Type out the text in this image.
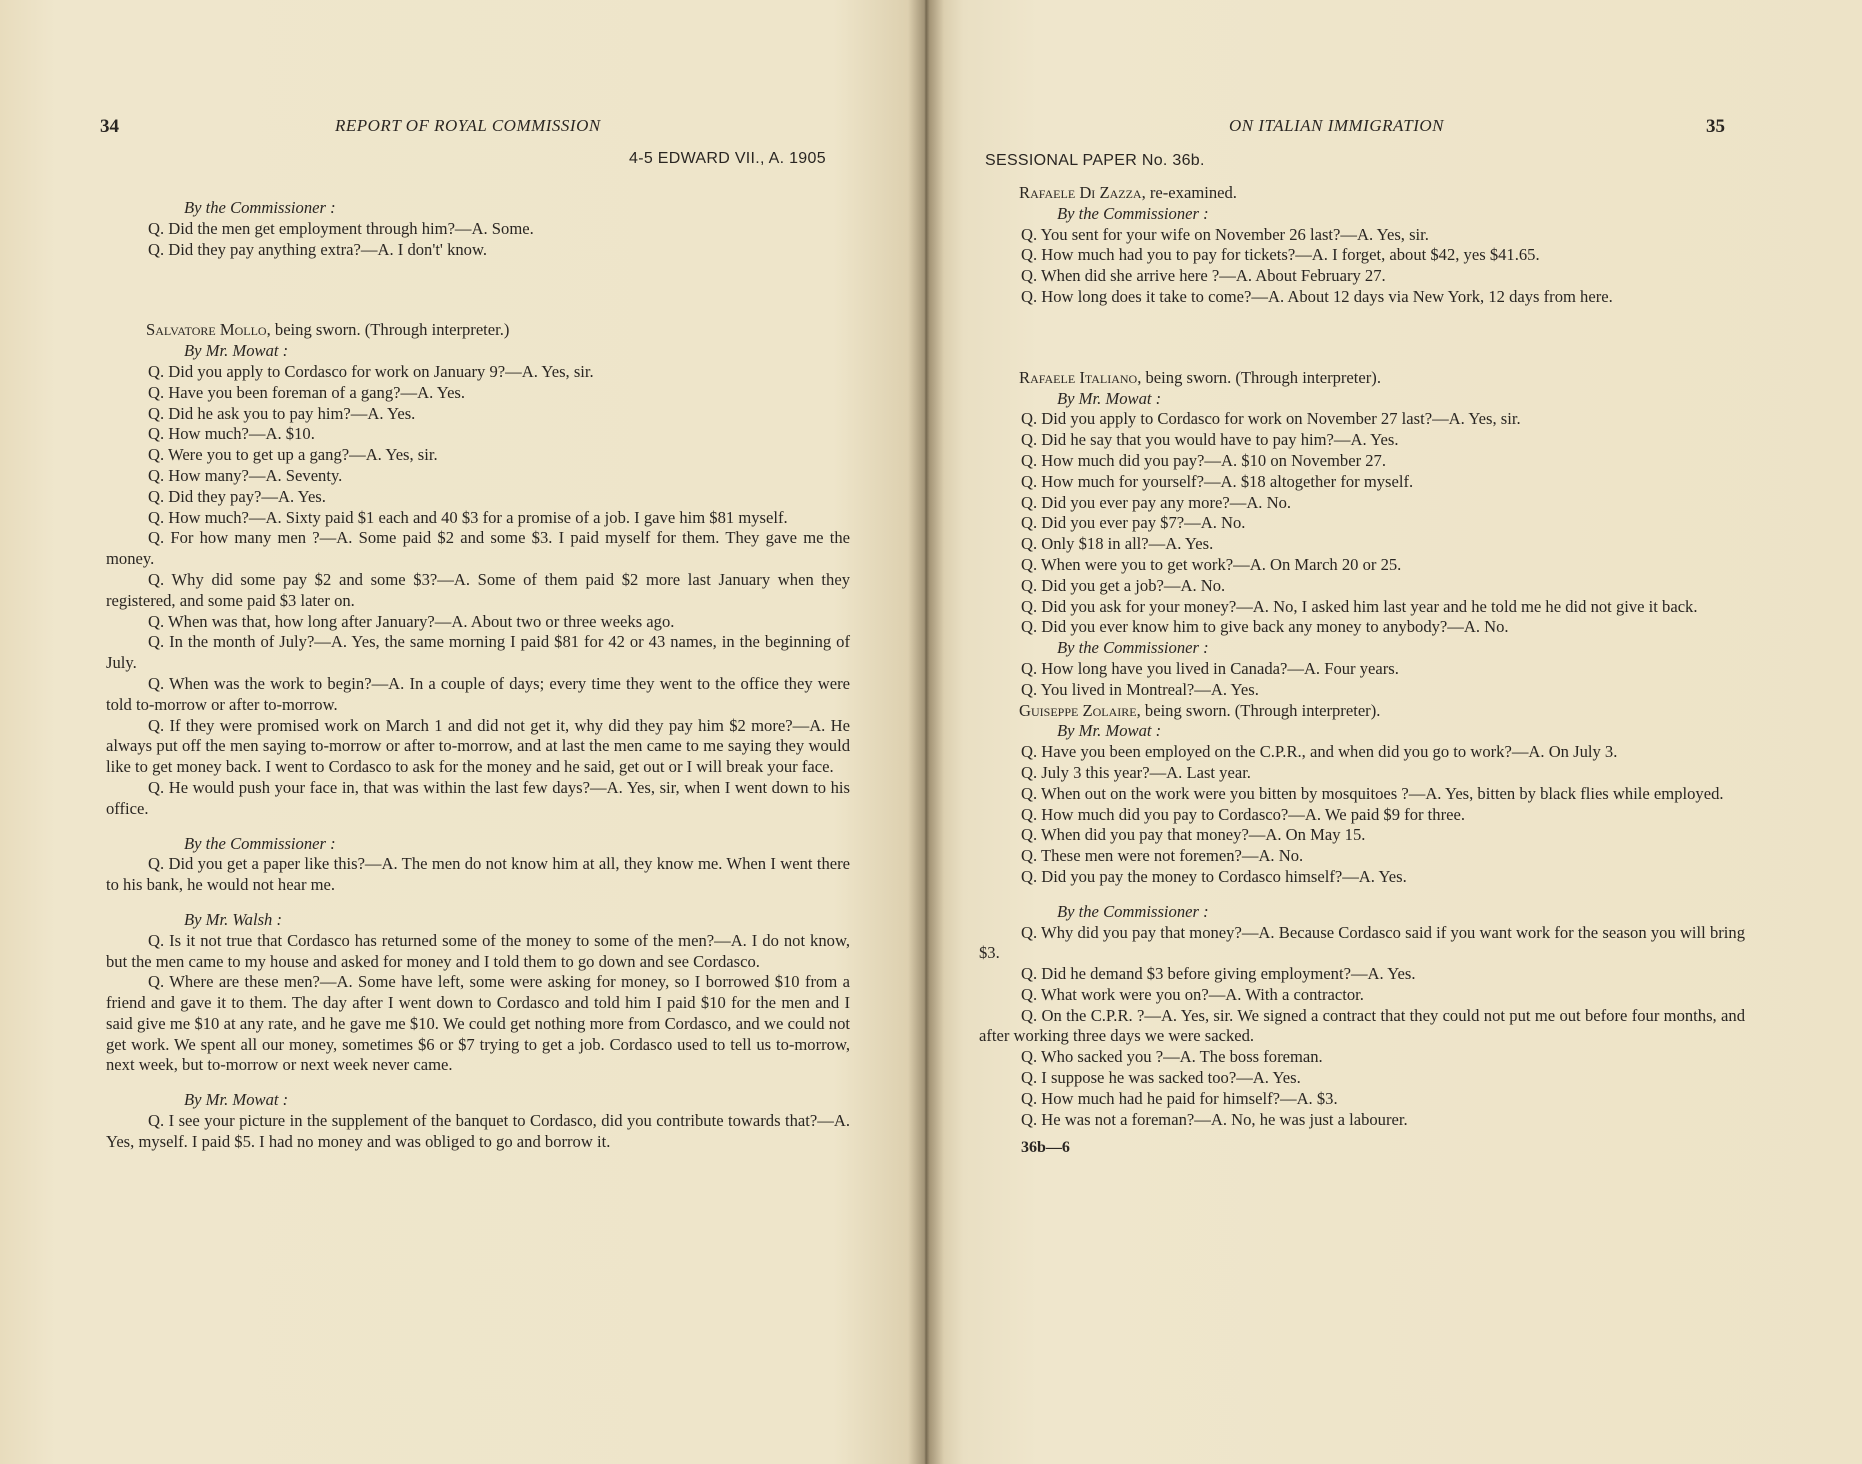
34	REPORT OF ROYAL COMMISSION
4-5 EDWARD VII., A. 1905

By the Commissioner :

Q. Did the men get employment through him?—A. Some.

Q. Did they pay anything extra?—A. I don't' know.

Salvatore Mollo, being sworn. (Through interpreter.)

By Mr. Mowat :

Q. Did you apply to Cordasco for work on January 9?—A. Yes, sir.

Q. Have you been foreman of a gang?—A. Yes.

Q. Did he ask you to pay him?—A. Yes.

Q. How much?—A. $10.

Q. Were you to get up a gang?—A. Yes, sir.

Q. How many?—A. Seventy.

Q. Did they pay?—A. Yes.

Q. How much?—A. Sixty paid $1 each and 40 $3 for a promise of a job. I gave him $81 myself.

Q. For how many men ?—A. Some paid $2 and some $3. I paid myself for them. They gave me the money.

Q. Why did some pay $2 and some $3?—A. Some of them paid $2 more last January when they registered, and some paid $3 later on.

Q. When was that, how long after January?—A. About two or three weeks ago.

Q. In the month of July?—A. Yes, the same morning I paid $81 for 42 or 43 names, in the beginning of July.

Q. When was the work to begin?—A. In a couple of days; every time they went to the office they were told to-morrow or after to-morrow.

Q. If they were promised work on March 1 and did not get it, why did they pay him $2 more?—A. He always put off the men saying to-morrow or after to-morrow, and at last the men came to me saying they would like to get money back. I went to Cordasco to ask for the money and he said, get out or I will break your face.

Q. He would push your face in, that was within the last few days?—A. Yes, sir, when I went down to his office.

By the Commissioner :

Q. Did you get a paper like this?—A. The men do not know him at all, they know me. When I went there to his bank, he would not hear me.

By Mr. Walsh :

Q. Is it not true that Cordasco has returned some of the money to some of the men?—A. I do not know, but the men came to my house and asked for money and I told them to go down and see Cordasco.

Q. Where are these men?—A. Some have left, some were asking for money, so I borrowed $10 from a friend and gave it to them. The day after I went down to Cordasco and told him I paid $10 for the men and I said give me $10 at any rate, and he gave me $10. We could get nothing more from Cordasco, and we could not get work. We spent all our money, sometimes $6 or $7 trying to get a job. Cordasco used to tell us to-morrow, next week, but to-morrow or next week never came.

By Mr. Mowat :

Q. I see your picture in the supplement of the banquet to Cordasco, did you contribute towards that?—A. Yes, myself. I paid $5. I had no money and was obliged to go and borrow it.

ON ITALIAN IMMIGRATION	35
SESSIONAL PAPER No. 36b.

Rafaele Di Zazza, re-examined.

By the Commissioner :

Q. You sent for your wife on November 26 last?—A. Yes, sir.

Q. How much had you to pay for tickets?—A. I forget, about $42, yes $41.65.

Q. When did she arrive here ?—A. About February 27.

Q. How long does it take to come?—A. About 12 days via New York, 12 days from here.

Rafaele Italiano, being sworn. (Through interpreter).

By Mr. Mowat :

Q. Did you apply to Cordasco for work on November 27 last?—A. Yes, sir.

Q. Did he say that you would have to pay him?—A. Yes.

Q. How much did you pay?—A. $10 on November 27.

Q. How much for yourself?—A. $18 altogether for myself.

Q. Did you ever pay any more?—A. No.

Q. Did you ever pay $7?—A. No.

Q. Only $18 in all?—A. Yes.

Q. When were you to get work?—A. On March 20 or 25.

Q. Did you get a job?—A. No.

Q. Did you ask for your money?—A. No, I asked him last year and he told me he did not give it back.

Q. Did you ever know him to give back any money to anybody?—A. No.

By the Commissioner :

Q. How long have you lived in Canada?—A. Four years.

Q. You lived in Montreal?—A. Yes.

Guiseppe Zolaire, being sworn. (Through interpreter).

By Mr. Mowat :

Q. Have you been employed on the C.P.R., and when did you go to work?—A. On July 3.

Q. July 3 this year?—A. Last year.

Q. When out on the work were you bitten by mosquitoes ?—A. Yes, bitten by black flies while employed.

Q. How much did you pay to Cordasco?—A. We paid $9 for three.

Q. When did you pay that money?—A. On May 15.

Q. These men were not foremen?—A. No.

Q. Did you pay the money to Cordasco himself?—A. Yes.

By the Commissioner :

Q. Why did you pay that money?—A. Because Cordasco said if you want work for the season you will bring $3.

Q. Did he demand $3 before giving employment?—A. Yes.

Q. What work were you on?—A. With a contractor.

Q. On the C.P.R. ?—A. Yes, sir. We signed a contract that they could not put me out before four months, and after working three days we were sacked.

Q. Who sacked you ?—A. The boss foreman.

Q. I suppose he was sacked too?—A. Yes.

Q. How much had he paid for himself?—A. $3.

Q. He was not a foreman?—A. No, he was just a labourer.

36b—6
